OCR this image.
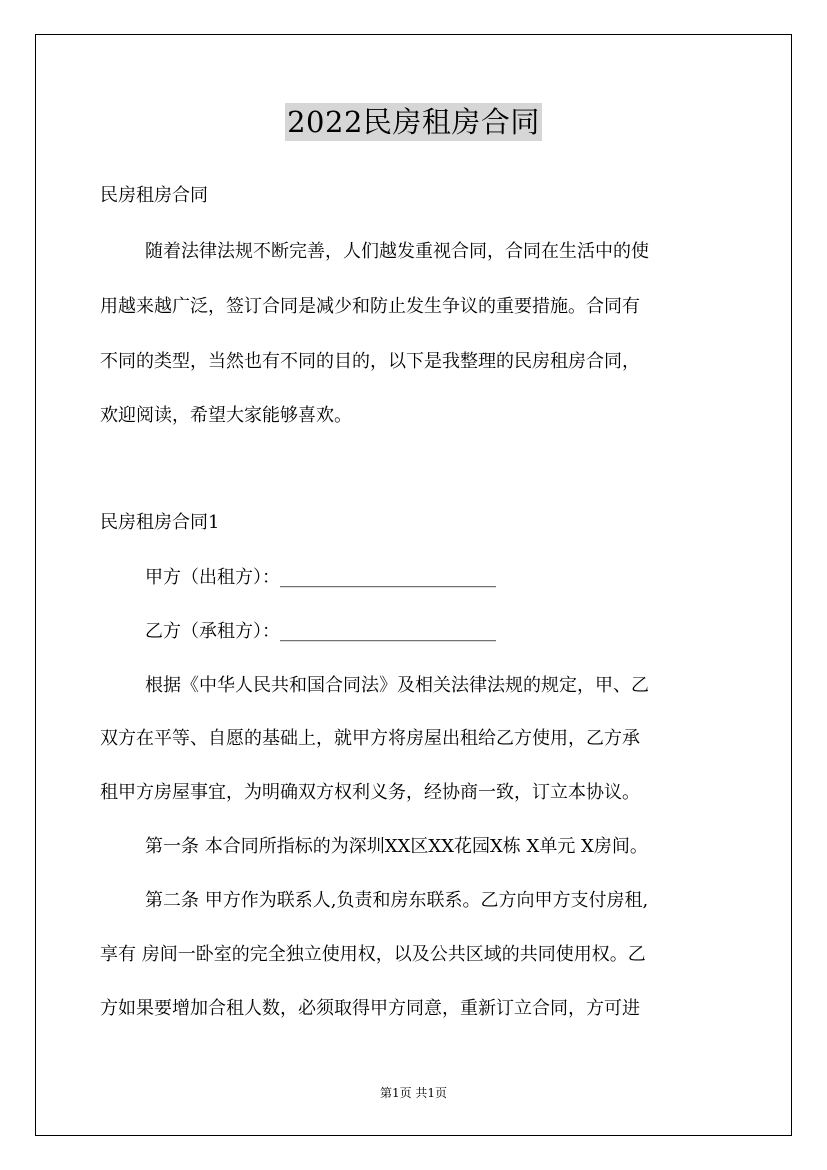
2022民房租房合同
民房租房合同
随着法律法规不断完善，人们越发重视合同，合同在生活中的使
用越来越广泛，签订合同是减少和防止发生争议的重要措施。合同有
不同的类型，当然也有不同的目的，以下是我整理的民房租房合同，
欢迎阅读，希望大家能够喜欢。
民房租房合同1
甲方（出租方）：________________________
乙方（承租方）：________________________
根据《中华人民共和国合同法》及相关法律法规的规定，甲、乙
双方在平等、自愿的基础上，就甲方将房屋出租给乙方使用，乙方承
租甲方房屋事宜，为明确双方权利义务，经协商一致，订立本协议。
第一条 本合同所指标的为深圳XX区XX花园X栋 X单元 X房间。
第二条 甲方作为联系人,负责和房东联系。乙方向甲方支付房租,
享有 房间一卧室的完全独立使用权，以及公共区域的共同使用权。乙
方如果要增加合租人数，必须取得甲方同意，重新订立合同，方可进
第1页 共1页
